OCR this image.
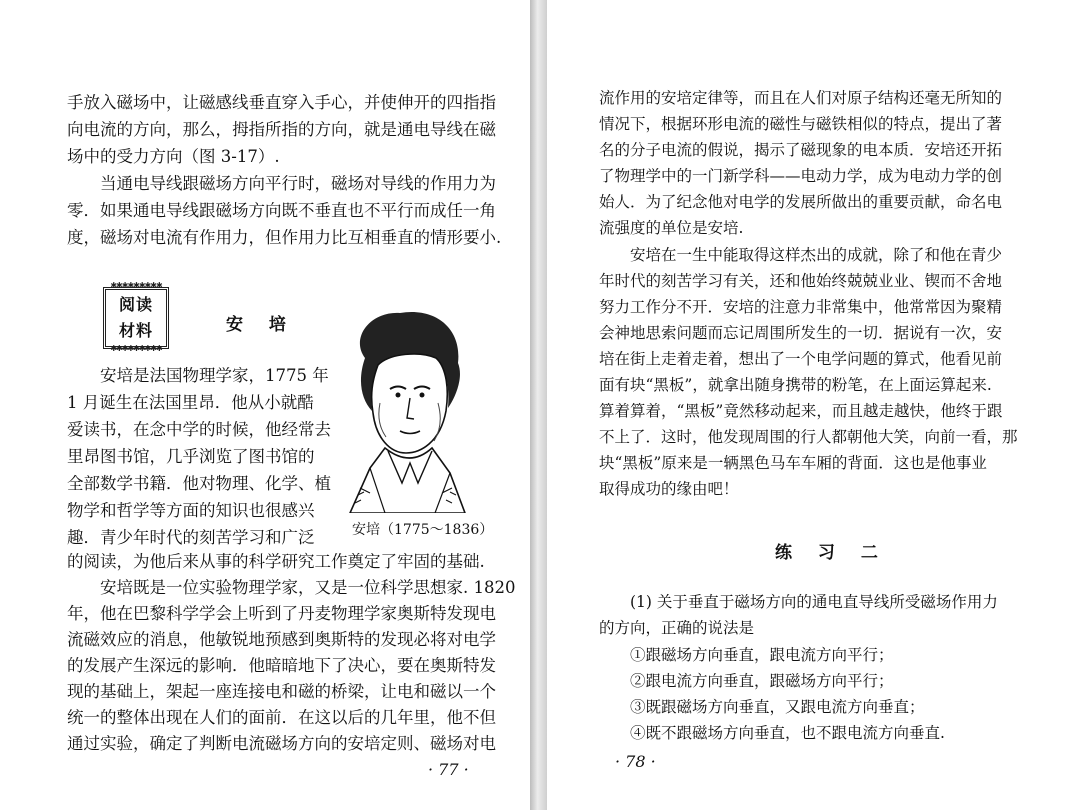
手放入磁场中，让磁感线垂直穿入手心，并使伸开的四指指
向电流的方向，那么，拇指所指的方向，就是通电导线在磁
场中的受力方向（图 3-17）.
　　当通电导线跟磁场方向平行时，磁场对导线的作用力为
零．如果通电导线跟磁场方向既不垂直也不平行而成任一角
度，磁场对电流有作用力，但作用力比互相垂直的情形要小.
✱✱✱✱✱✱✱✱✱
阅读
材料
✱✱✱✱✱✱✱✱✱
安 培
安培（1775～1836）
　　安培是法国物理学家，1775 年
1 月诞生在法国里昂．他从小就酷
爱读书，在念中学的时候，他经常去
里昂图书馆，几乎浏览了图书馆的
全部数学书籍．他对物理、化学、植
物学和哲学等方面的知识也很感兴
趣．青少年时代的刻苦学习和广泛
的阅读，为他后来从事的科学研究工作奠定了牢固的基础.
　　安培既是一位实验物理学家，又是一位科学思想家. 1820
年，他在巴黎科学学会上听到了丹麦物理学家奥斯特发现电
流磁效应的消息，他敏锐地预感到奥斯特的发现必将对电学
的发展产生深远的影响．他暗暗地下了决心，要在奥斯特发
现的基础上，架起一座连接电和磁的桥梁，让电和磁以一个
统一的整体出现在人们的面前．在这以后的几年里，他不但
通过实验，确定了判断电流磁场方向的安培定则、磁场对电
· 77 ·
流作用的安培定律等，而且在人们对原子结构还毫无所知的
情况下，根据环形电流的磁性与磁铁相似的特点，提出了著
名的分子电流的假说，揭示了磁现象的电本质．安培还开拓
了物理学中的一门新学科——电动力学，成为电动力学的创
始人．为了纪念他对电学的发展所做出的重要贡献，命名电
流强度的单位是安培.
　　安培在一生中能取得这样杰出的成就，除了和他在青少
年时代的刻苦学习有关，还和他始终兢兢业业、锲而不舍地
努力工作分不开．安培的注意力非常集中，他常常因为聚精
会神地思索问题而忘记周围所发生的一切．据说有一次，安
培在街上走着走着，想出了一个电学问题的算式，他看见前
面有块“黑板”，就拿出随身携带的粉笔，在上面运算起来.
算着算着，“黑板”竟然移动起来，而且越走越快，他终于跟
不上了．这时，他发现周围的行人都朝他大笑，向前一看，那
块“黑板”原来是一辆黑色马车车厢的背面．这也是他事业
取得成功的缘由吧！
练 习 二
　　(1) 关于垂直于磁场方向的通电直导线所受磁场作用力
的方向，正确的说法是
　　①跟磁场方向垂直，跟电流方向平行；
　　②跟电流方向垂直，跟磁场方向平行；
　　③既跟磁场方向垂直，又跟电流方向垂直；
　　④既不跟磁场方向垂直，也不跟电流方向垂直.
· 78 ·
